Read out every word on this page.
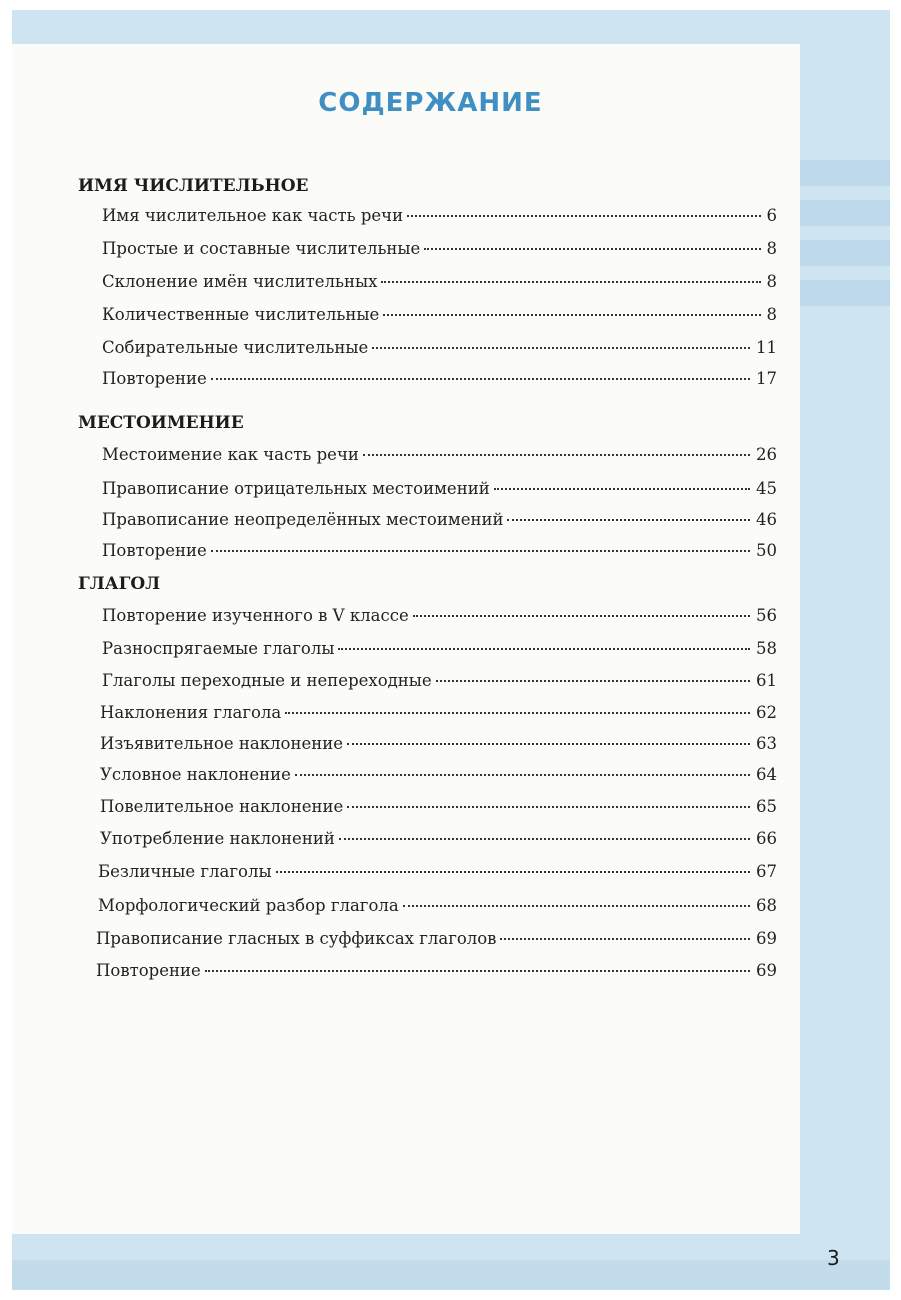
СОДЕРЖАНИЕ
ИМЯ ЧИСЛИТЕЛЬНОЕ
Имя числительное как часть речи	6
Простые и составные числительные	8
Склонение имён числительных	8
Количественные числительные	8
Собирательные числительные	11
Повторение	17
МЕСТОИМЕНИЕ
Местоимение как часть речи	26
Правописание отрицательных местоимений	45
Правописание неопределённых местоимений	46
Повторение	50
ГЛАГОЛ
Повторение изученного в V классе	56
Разноспрягаемые глаголы	58
Глаголы переходные и непереходные	61
Наклонения глагола	62
Изъявительное наклонение	63
Условное наклонение	64
Повелительное наклонение	65
Употребление наклонений	66
Безличные глаголы	67
Морфологический разбор глагола	68
Правописание гласных в суффиксах глаголов	69
Повторение	69
3
